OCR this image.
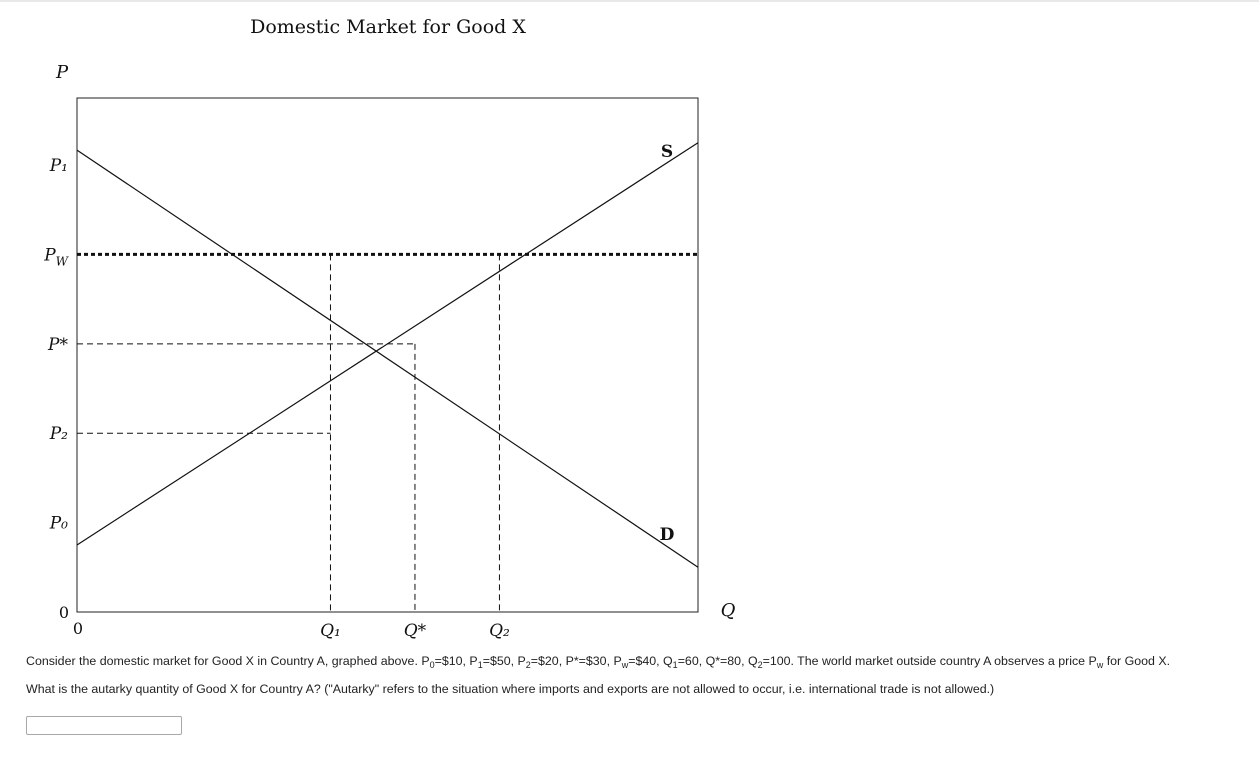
Domestic Market for Good X
P
Q
0
0
P₁
$P_W$
P*
P₂
P₀
Q₁	Q*	Q₂
S
D

Consider the domestic market for Good X in Country A, graphed above. $P_0=\$10$, $P_1=\$50$, $P_2=\$20$, P*=$30, $P_w=\$40$, $Q_1=60$, Q*=80, $Q_2=100$. The world market outside country A observes a price $P_w$ for Good X.

What is the autarky quantity of Good X for Country A? ("Autarky" refers to the situation where imports and exports are not allowed to occur, i.e. international trade is not allowed.)
